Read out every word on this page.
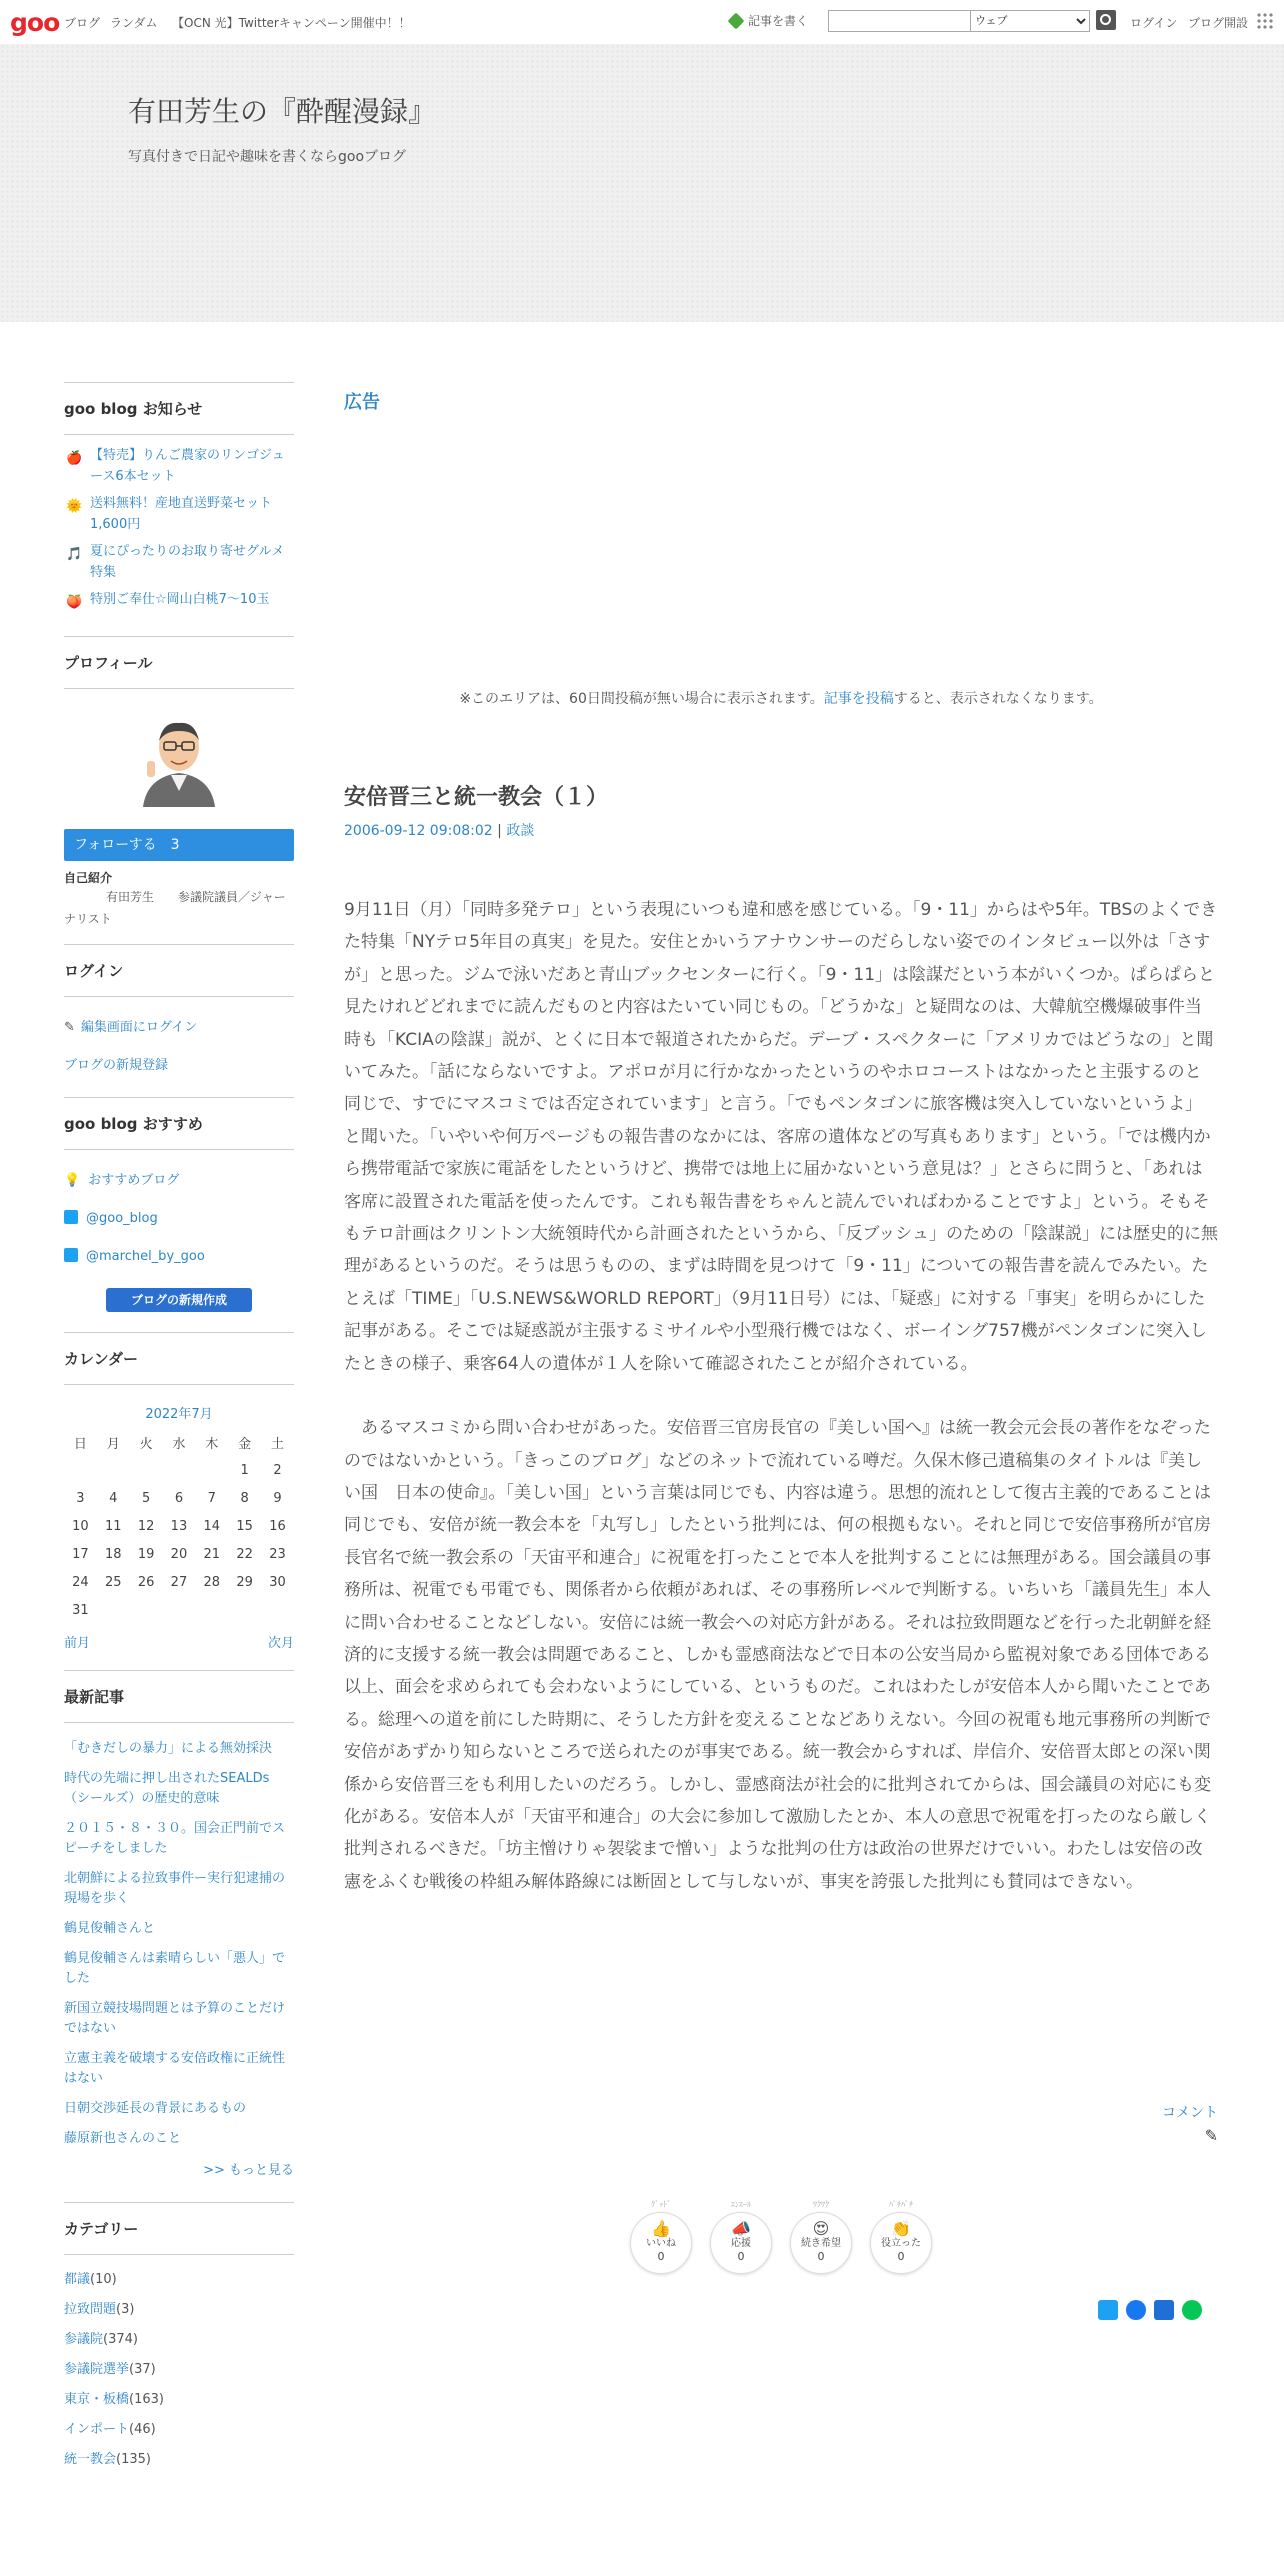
goo ブログ ランダム 【OCN 光】Twitterキャンペーン開催中！！	記事を書く
ウェブ	ログイン ブログ開設
有田芳生の『酔醒漫録』
写真付きで日記や趣味を書くならgooブログ
goo blog お知らせ
🍎 【特売】りんご農家のリンゴジュース6本セット
🌞 送料無料！産地直送野菜セット1,600円
🎵 夏にぴったりのお取り寄せグルメ特集
🍑 特別ご奉仕☆岡山白桃7〜10玉
プロフィール
フォローする　3
自己紹介
有田芳生　　参議院議員／ジャーナリスト
ログイン
✎ 編集画面にログイン
ブログの新規登録
goo blog おすすめ
💡 おすすめブログ
@goo_blog
@marchel_by_goo
ブログの新規作成
カレンダー
2022年7月
日	月	火	水	木	金	土
					1	2
3	4	5	6	7	8	9
10	11	12	13	14	15	16
17	18	19	20	21	22	23
24	25	26	27	28	29	30
31						
前月	次月
最新記事
「むきだしの暴力」による無効採決
時代の先端に押し出されたSEALDs（シールズ）の歴史的意味
２０１５・８・３０。国会正門前でスピーチをしました
北朝鮮による拉致事件ー実行犯逮捕の現場を歩く
鶴見俊輔さんと
鶴見俊輔さんは素晴らしい「悪人」でした
新国立競技場問題とは予算のことだけではない
立憲主義を破壊する安倍政権に正統性はない
日朝交渉延長の背景にあるもの
藤原新也さんのこと
>> もっと見る
カテゴリー
都議(10)
拉致問題(3)
参議院(374)
参議院選挙(37)
東京・板橋(163)
インポート(46)
統一教会(135)
広告
※このエリアは、60日間投稿が無い場合に表示されます。記事を投稿すると、表示されなくなります。
安倍晋三と統一教会（１）
2006-09-12 09:08:02 | 政談

9月11日（月）「同時多発テロ」という表現にいつも違和感を感じている。「9・11」からはや5年。TBSのよくできた特集「NYテロ5年目の真実」を見た。安住とかいうアナウンサーのだらしない姿でのインタビュー以外は「さすが」と思った。ジムで泳いだあと青山ブックセンターに行く。「9・11」は陰謀だという本がいくつか。ぱらぱらと見たけれどどれまでに読んだものと内容はたいてい同じもの。「どうかな」と疑問なのは、大韓航空機爆破事件当時も「KCIAの陰謀」説が、とくに日本で報道されたからだ。デーブ・スペクターに「アメリカではどうなの」と聞いてみた。「話にならないですよ。アポロが月に行かなかったというのやホロコーストはなかったと主張するのと同じで、すでにマスコミでは否定されています」と言う。「でもペンタゴンに旅客機は突入していないというよ」と聞いた。「いやいや何万ページもの報告書のなかには、客席の遺体などの写真もあります」という。「では機内から携帯電話で家族に電話をしたというけど、携帯では地上に届かないという意見は？」とさらに問うと、「あれは客席に設置された電話を使ったんです。これも報告書をちゃんと読んでいればわかることですよ」という。そもそもテロ計画はクリントン大統領時代から計画されたというから、「反ブッシュ」のための「陰謀説」には歴史的に無理があるというのだ。そうは思うものの、まずは時間を見つけて「9・11」についての報告書を読んでみたい。たとえば「TIME」「U.S.NEWS&WORLD REPORT」（9月11日号）には、「疑惑」に対する「事実」を明らかにした記事がある。そこでは疑惑説が主張するミサイルや小型飛行機ではなく、ボーイング757機がペンタゴンに突入したときの様子、乗客64人の遺体が１人を除いて確認されたことが紹介されている。

　あるマスコミから問い合わせがあった。安倍晋三官房長官の『美しい国へ』は統一教会元会長の著作をなぞったのではないかという。「きっこのブログ」などのネットで流れている噂だ。久保木修己遺稿集のタイトルは『美しい国　日本の使命』。「美しい国」という言葉は同じでも、内容は違う。思想的流れとして復古主義的であることは同じでも、安倍が統一教会本を「丸写し」したという批判には、何の根拠もない。それと同じで安倍事務所が官房長官名で統一教会系の「天宙平和連合」に祝電を打ったことで本人を批判することには無理がある。国会議員の事務所は、祝電でも弔電でも、関係者から依頼があれば、その事務所レベルで判断する。いちいち「議員先生」本人に問い合わせることなどしない。安倍には統一教会への対応方針がある。それは拉致問題などを行った北朝鮮を経済的に支援する統一教会は問題であること、しかも霊感商法などで日本の公安当局から監視対象である団体である以上、面会を求められても会わないようにしている、というものだ。これはわたしが安倍本人から聞いたことである。総理への道を前にした時期に、そうした方針を変えることなどありえない。今回の祝電も地元事務所の判断で安倍があずかり知らないところで送られたのが事実である。統一教会からすれば、岸信介、安倍晋太郎との深い関係から安倍晋三をも利用したいのだろう。しかし、霊感商法が社会的に批判されてからは、国会議員の対応にも変化がある。安倍本人が「天宙平和連合」の大会に参加して激励したとか、本人の意思で祝電を打ったのなら厳しく批判されるべきだ。「坊主憎けりゃ袈裟まで憎い」ような批判の仕方は政治の世界だけでいい。わたしは安倍の改憲をふくむ戦後の枠組み解体路線には断固として与しないが、事実を誇張した批判にも賛同はできない。

コメント
✎
ｸﾞｯﾄﾞ
👍
いいね
0
ｴﾝｴｰﾙ
📣
応援
0
ﾜｸﾜｸ
😍
続き希望
0
ﾊﾟﾁﾊﾟﾁ
👏
役立った
0
